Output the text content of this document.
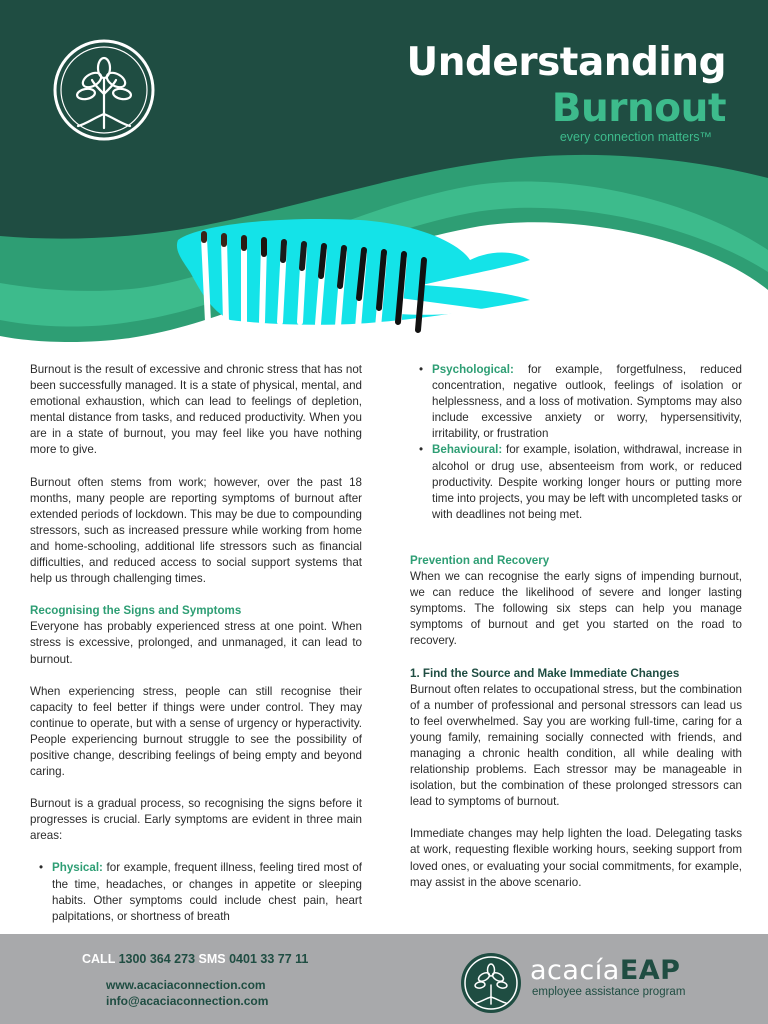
Understanding
Burnout
every connection matters™

Burnout is the result of excessive and chronic stress that has not been successfully managed. It is a state of physical, mental, and emotional exhaustion, which can lead to feelings of depletion, mental distance from tasks, and reduced productivity. When you are in a state of burnout, you may feel like you have nothing more to give.

Burnout often stems from work; however, over the past 18 months, many people are reporting symptoms of burnout after extended periods of lockdown. This may be due to compounding stressors, such as increased pressure while working from home and home-schooling, additional life stressors such as financial difficulties, and reduced access to social support systems that help us through challenging times.

Recognising the Signs and Symptoms

Everyone has probably experienced stress at one point. When stress is excessive, prolonged, and unmanaged, it can lead to burnout.

When experiencing stress, people can still recognise their capacity to feel better if things were under control. They may continue to operate, but with a sense of urgency or hyperactivity. People experiencing burnout struggle to see the possibility of positive change, describing feelings of being empty and beyond caring.

Burnout is a gradual process, so recognising the signs before it progresses is crucial. Early symptoms are evident in three main areas:

• Physical: for example, frequent illness, feeling tired most of the time, headaches, or changes in appetite or sleeping habits. Other symptoms could include chest pain, heart palpitations, or shortness of breath
• Psychological: for example, forgetfulness, reduced concentration, negative outlook, feelings of isolation or helplessness, and a loss of motivation. Symptoms may also include excessive anxiety or worry, hypersensitivity, irritability, or frustration
• Behavioural: for example, isolation, withdrawal, increase in alcohol or drug use, absenteeism from work, or reduced productivity. Despite working longer hours or putting more time into projects, you may be left with uncompleted tasks or with deadlines not being met.
Prevention and Recovery

When we can recognise the early signs of impending burnout, we can reduce the likelihood of severe and longer lasting symptoms. The following six steps can help you manage symptoms of burnout and get you started on the road to recovery.

1. Find the Source and Make Immediate Changes

Burnout often relates to occupational stress, but the combination of a number of professional and personal stressors can lead us to feel overwhelmed. Say you are working full-time, caring for a young family, remaining socially connected with friends, and managing a chronic health condition, all while dealing with relationship problems. Each stressor may be manageable in isolation, but the combination of these prolonged stressors can lead to symptoms of burnout.

Immediate changes may help lighten the load. Delegating tasks at work, requesting flexible working hours, seeking support from loved ones, or evaluating your social commitments, for example, may assist in the above scenario.

CALL 1300 364 273 SMS 0401 33 77 11
www.acaciaconnection.com
info@acaciaconnection.com
acacíaEAP
employee assistance program
